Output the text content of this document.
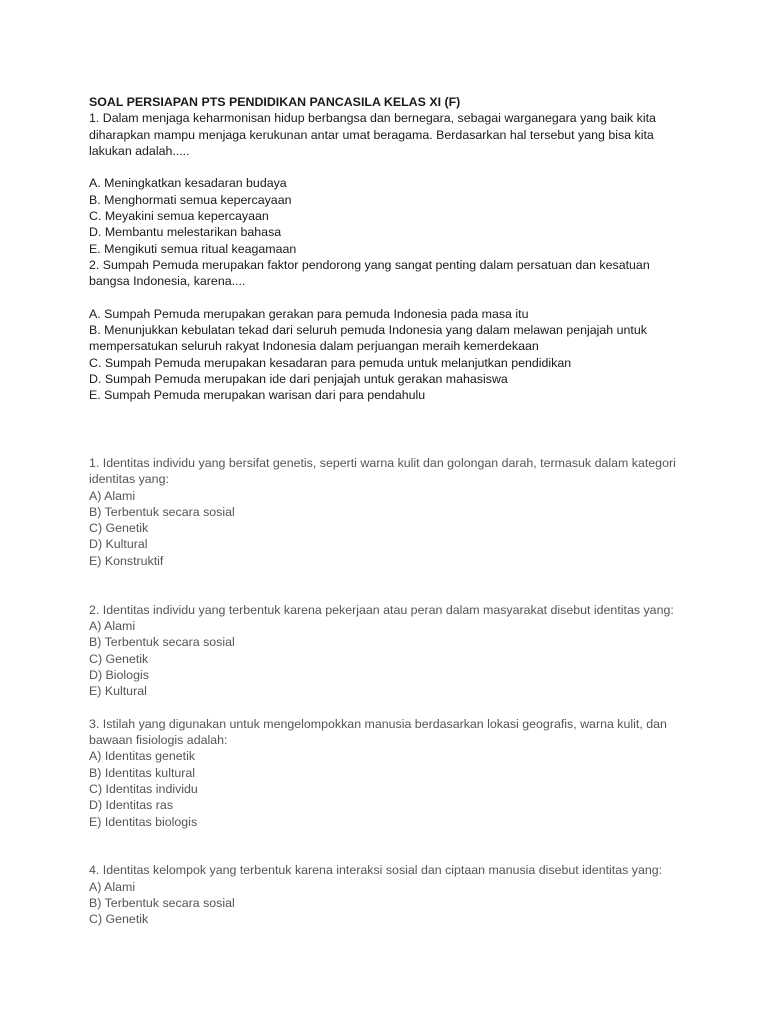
SOAL PERSIAPAN PTS PENDIDIKAN PANCASILA KELAS XI (F)

1. Dalam menjaga keharmonisan hidup berbangsa dan bernegara, sebagai warganegara yang baik kita diharapkan mampu menjaga kerukunan antar umat beragama. Berdasarkan hal tersebut yang bisa kita lakukan adalah.....

A. Meningkatkan kesadaran budaya

B. Menghormati semua kepercayaan

C. Meyakini semua kepercayaan

D. Membantu melestarikan bahasa

E. Mengikuti semua ritual keagamaan

2. Sumpah Pemuda merupakan faktor pendorong yang sangat penting dalam persatuan dan kesatuan bangsa Indonesia, karena....

A. Sumpah Pemuda merupakan gerakan para pemuda Indonesia pada masa itu

B. Menunjukkan kebulatan tekad dari seluruh pemuda Indonesia yang dalam melawan penjajah untuk mempersatukan seluruh rakyat Indonesia dalam perjuangan meraih kemerdekaan

C. Sumpah Pemuda merupakan kesadaran para pemuda untuk melanjutkan pendidikan

D. Sumpah Pemuda merupakan ide dari penjajah untuk gerakan mahasiswa

E. Sumpah Pemuda merupakan warisan dari para pendahulu

1. Identitas individu yang bersifat genetis, seperti warna kulit dan golongan darah, termasuk dalam kategori identitas yang:

A) Alami

B) Terbentuk secara sosial

C) Genetik

D) Kultural

E) Konstruktif

2. Identitas individu yang terbentuk karena pekerjaan atau peran dalam masyarakat disebut identitas yang:

A) Alami

B) Terbentuk secara sosial

C) Genetik

D) Biologis

E) Kultural

3. Istilah yang digunakan untuk mengelompokkan manusia berdasarkan lokasi geografis, warna kulit, dan bawaan fisiologis adalah:

A) Identitas genetik

B) Identitas kultural

C) Identitas individu

D) Identitas ras

E) Identitas biologis

4. Identitas kelompok yang terbentuk karena interaksi sosial dan ciptaan manusia disebut identitas yang:

A) Alami

B) Terbentuk secara sosial

C) Genetik
